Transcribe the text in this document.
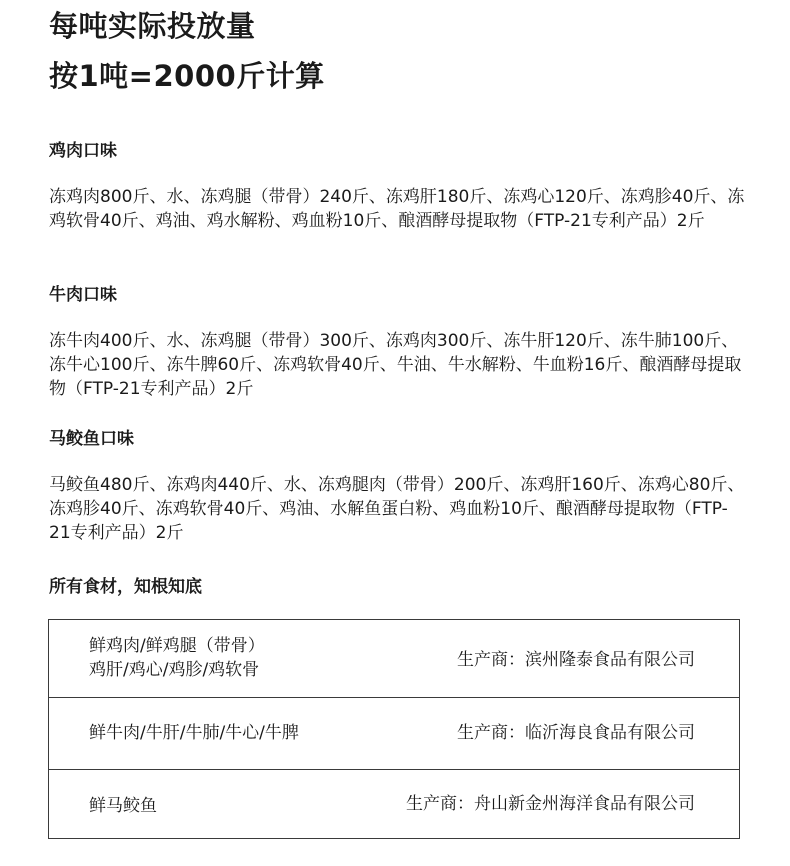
每吨实际投放量
按1吨=2000斤计算
鸡肉口味
冻鸡肉800斤、水、冻鸡腿（带骨）240斤、冻鸡肝180斤、冻鸡心120斤、冻鸡胗40斤、冻鸡软骨40斤、鸡油、鸡水解粉、鸡血粉10斤、酿酒酵母提取物（FTP-21专利产品）2斤
牛肉口味
冻牛肉400斤、水、冻鸡腿（带骨）300斤、冻鸡肉300斤、冻牛肝120斤、冻牛肺100斤、冻牛心100斤、冻牛脾60斤、冻鸡软骨40斤、牛油、牛水解粉、牛血粉16斤、酿酒酵母提取物（FTP-21专利产品）2斤
马鲛鱼口味
马鲛鱼480斤、冻鸡肉440斤、水、冻鸡腿肉（带骨）200斤、冻鸡肝160斤、冻鸡心80斤、冻鸡胗40斤、冻鸡软骨40斤、鸡油、水解鱼蛋白粉、鸡血粉10斤、酿酒酵母提取物（FTP-21专利产品）2斤
所有食材，知根知底
鲜鸡肉/鲜鸡腿（带骨）
鸡肝/鸡心/鸡胗/鸡软骨	生产商：滨州隆泰食品有限公司
鲜牛肉/牛肝/牛肺/牛心/牛脾	生产商：临沂海良食品有限公司
鲜马鲛鱼	生产商：舟山新金州海洋食品有限公司
